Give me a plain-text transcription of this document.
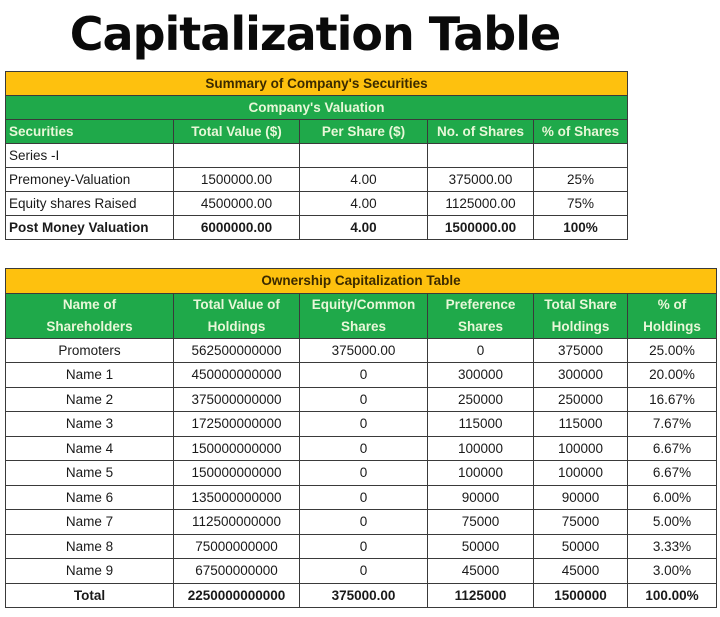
Capitalization Table
Summary of Company's Securities				
Company's Valuation				
Securities	Total Value ($)	Per Share ($)	No. of Shares	% of Shares
Series -I				
Premoney-Valuation	1500000.00	4.00	375000.00	25%
Equity shares Raised	4500000.00	4.00	1125000.00	75%
Post Money Valuation	6000000.00	4.00	1500000.00	100%
Ownership Capitalization Table					
Name of	Total Value of	Equity/Common	Preference	Total Share	% of
Shareholders	Holdings	Shares	Shares	Holdings	Holdings
Promoters	562500000000	375000.00	0	375000	25.00%
Name 1	450000000000	0	300000	300000	20.00%
Name 2	375000000000	0	250000	250000	16.67%
Name 3	172500000000	0	115000	115000	7.67%
Name 4	150000000000	0	100000	100000	6.67%
Name 5	150000000000	0	100000	100000	6.67%
Name 6	135000000000	0	90000	90000	6.00%
Name 7	112500000000	0	75000	75000	5.00%
Name 8	75000000000	0	50000	50000	3.33%
Name 9	67500000000	0	45000	45000	3.00%
Total	2250000000000	375000.00	1125000	1500000	100.00%
